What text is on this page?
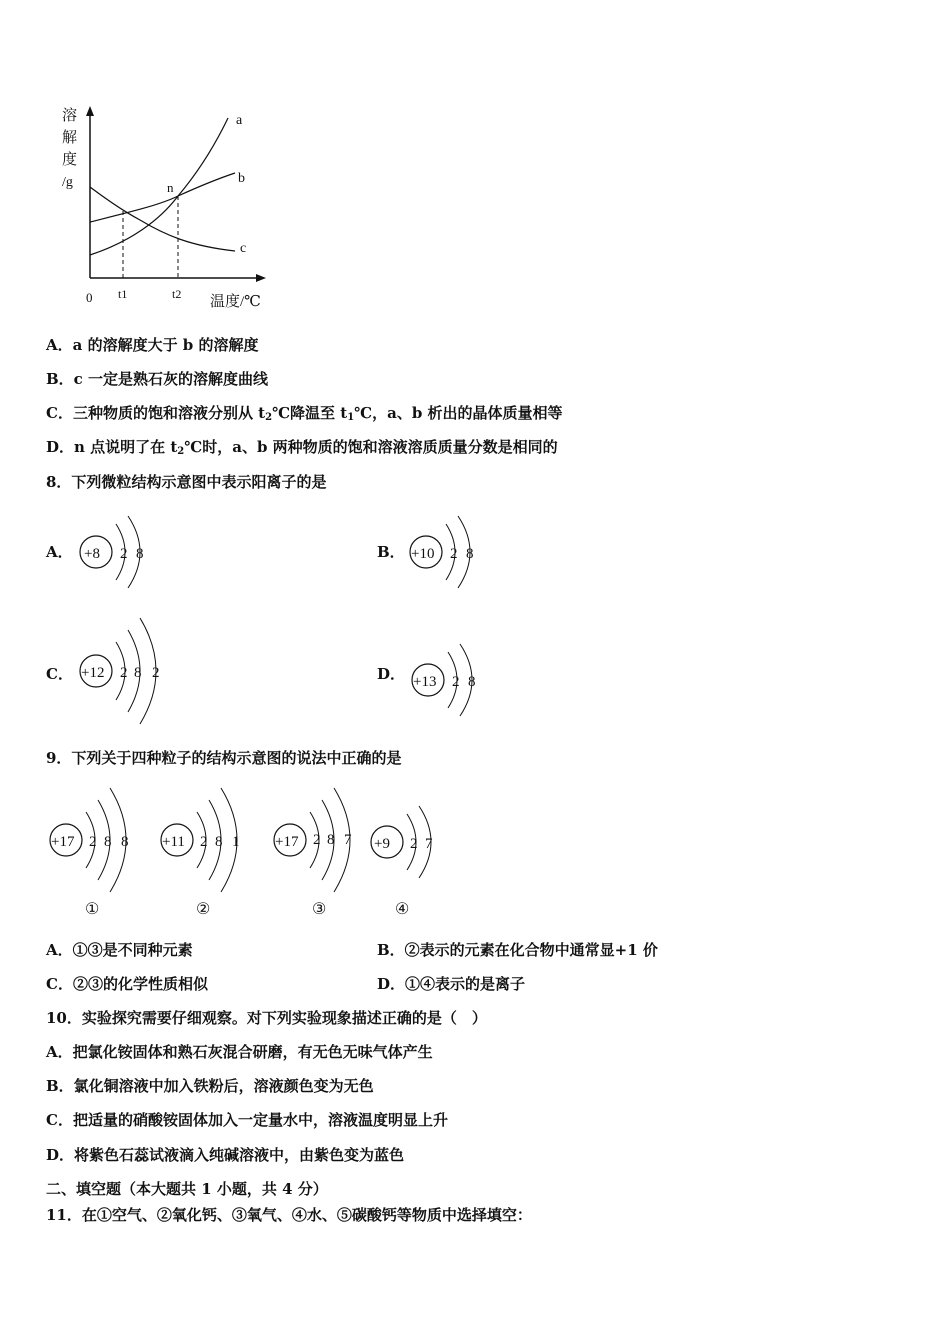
溶
解
度
/g
0 t1	t2 温度/℃
a
b
c
n
A．a 的溶解度大于 b 的溶解度
B．c 一定是熟石灰的溶解度曲线
C．三种物质的饱和溶液分别从 $t_2℃$降温至 $t_1℃$，a、b 析出的晶体质量相等
D．n 点说明了在 $t_2℃$时，a、b 两种物质的饱和溶液溶质质量分数是相同的
8．下列微粒结构示意图中表示阳离子的是
A． +8 2 8	B． +10 2 8
C． +12 2 8 2	D． +13 2 8
9．下列关于四种粒子的结构示意图的说法中正确的是
+17 2 8 8
①
+11 2 8 1
②
+17 2 8 7
③
+9 2 7
④
A．①③是不同种元素	B．②表示的元素在化合物中通常显+1 价
C．②③的化学性质相似	D．①④表示的是离子
10．实验探究需要仔细观察。对下列实验现象描述正确的是（　）
A．把氯化铵固体和熟石灰混合研磨，有无色无味气体产生
B．氯化铜溶液中加入铁粉后，溶液颜色变为无色
C．把适量的硝酸铵固体加入一定量水中，溶液温度明显上升
D．将紫色石蕊试液滴入纯碱溶液中，由紫色变为蓝色
二、填空题（本大题共 1 小题，共 4 分）
11．在①空气、②氧化钙、③氧气、④水、⑤碳酸钙等物质中选择填空：
